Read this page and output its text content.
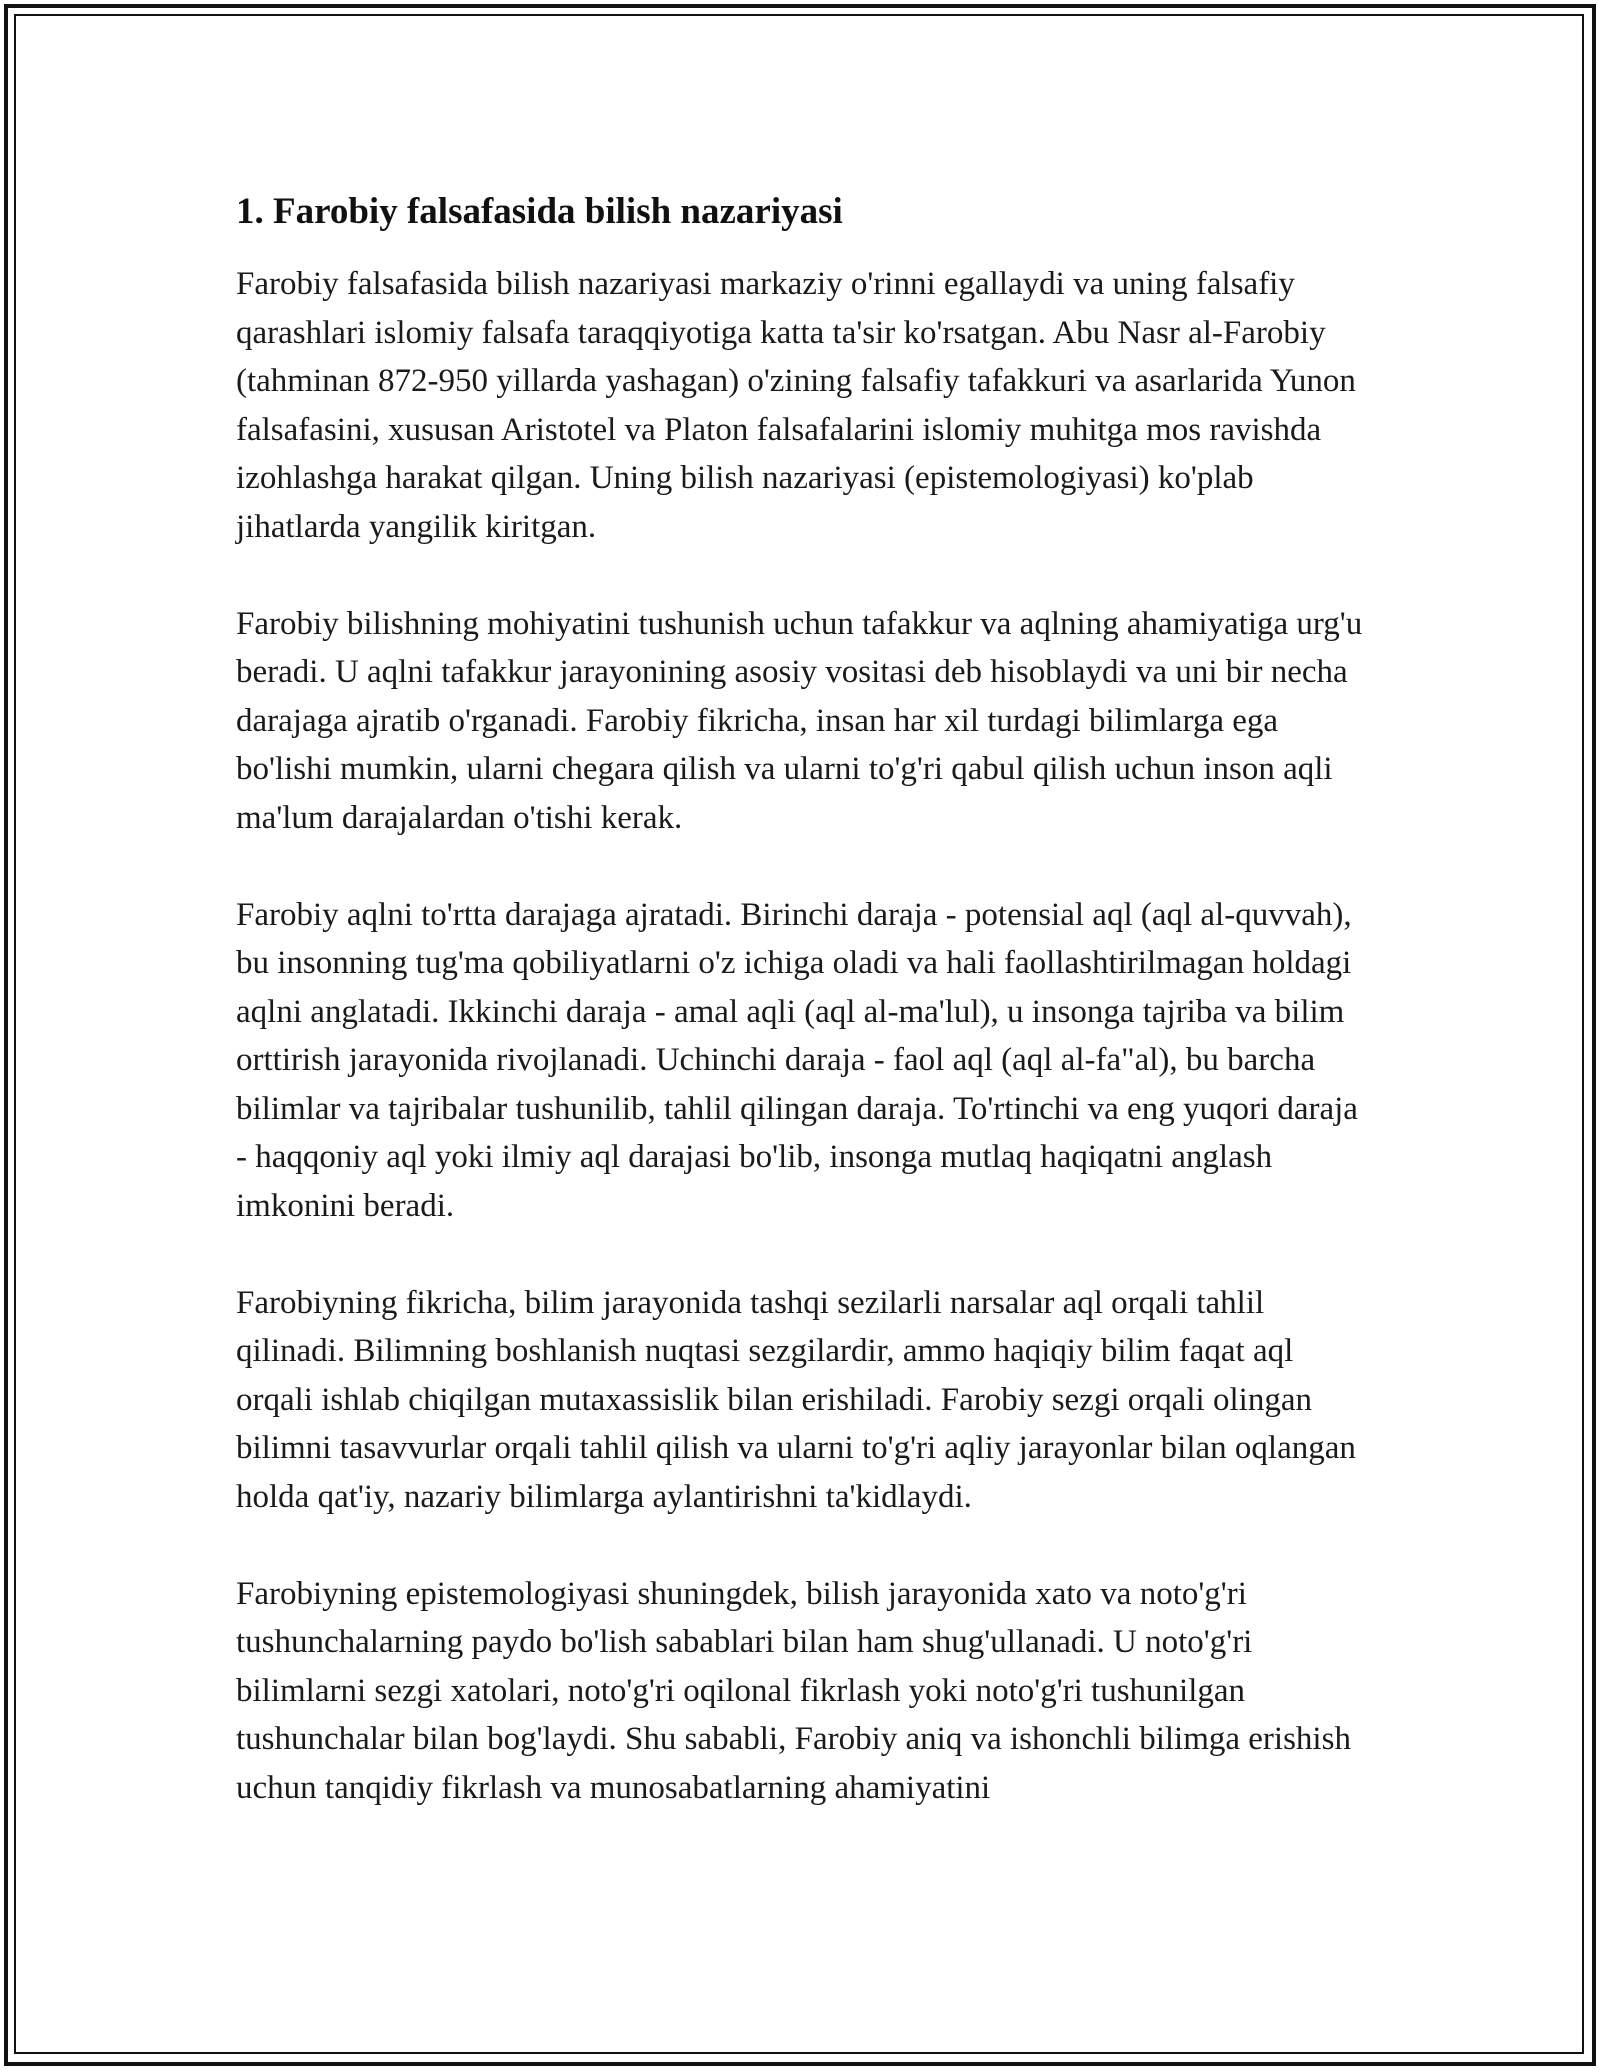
1. Farobiy falsafasida bilish nazariyasi

Farobiy falsafasida bilish nazariyasi markaziy o'rinni egallaydi va uning falsafiy qarashlari islomiy falsafa taraqqiyotiga katta ta'sir ko'rsatgan. Abu Nasr al-Farobiy (tahminan 872-950 yillarda yashagan) o'zining falsafiy tafakkuri va asarlarida Yunon falsafasini, xususan Aristotel va Platon falsafalarini islomiy muhitga mos ravishda izohlashga harakat qilgan. Uning bilish nazariyasi (epistemologiyasi) ko'plab jihatlarda yangilik kiritgan.

Farobiy bilishning mohiyatini tushunish uchun tafakkur va aqlning ahamiyatiga urg'u beradi. U aqlni tafakkur jarayonining asosiy vositasi deb hisoblaydi va uni bir necha darajaga ajratib o'rganadi. Farobiy fikricha, insan har xil turdagi bilimlarga ega bo'lishi mumkin, ularni chegara qilish va ularni to'g'ri qabul qilish uchun inson aqli ma'lum darajalardan o'tishi kerak.

Farobiy aqlni to'rtta darajaga ajratadi. Birinchi daraja - potensial aql (aql al-quvvah), bu insonning tug'ma qobiliyatlarni o'z ichiga oladi va hali faollashtirilmagan holdagi aqlni anglatadi. Ikkinchi daraja - amal aqli (aql al-ma'lul), u insonga tajriba va bilim orttirish jarayonida rivojlanadi. Uchinchi daraja - faol aql (aql al-fa"al), bu barcha bilimlar va tajribalar tushunilib, tahlil qilingan daraja. To'rtinchi va eng yuqori daraja - haqqoniy aql yoki ilmiy aql darajasi bo'lib, insonga mutlaq haqiqatni anglash imkonini beradi.

Farobiyning fikricha, bilim jarayonida tashqi sezilarli narsalar aql orqali tahlil qilinadi. Bilimning boshlanish nuqtasi sezgilardir, ammo haqiqiy bilim faqat aql orqali ishlab chiqilgan mutaxassislik bilan erishiladi. Farobiy sezgi orqali olingan bilimni tasavvurlar orqali tahlil qilish va ularni to'g'ri aqliy jarayonlar bilan oqlangan holda qat'iy, nazariy bilimlarga aylantirishni ta'kidlaydi.

Farobiyning epistemologiyasi shuningdek, bilish jarayonida xato va noto'g'ri tushunchalarning paydo bo'lish sabablari bilan ham shug'ullanadi. U noto'g'ri bilimlarni sezgi xatolari, noto'g'ri oqilonal fikrlash yoki noto'g'ri tushunilgan tushunchalar bilan bog'laydi. Shu sababli, Farobiy aniq va ishonchli bilimga erishish uchun tanqidiy fikrlash va munosabatlarning ahamiyatini
